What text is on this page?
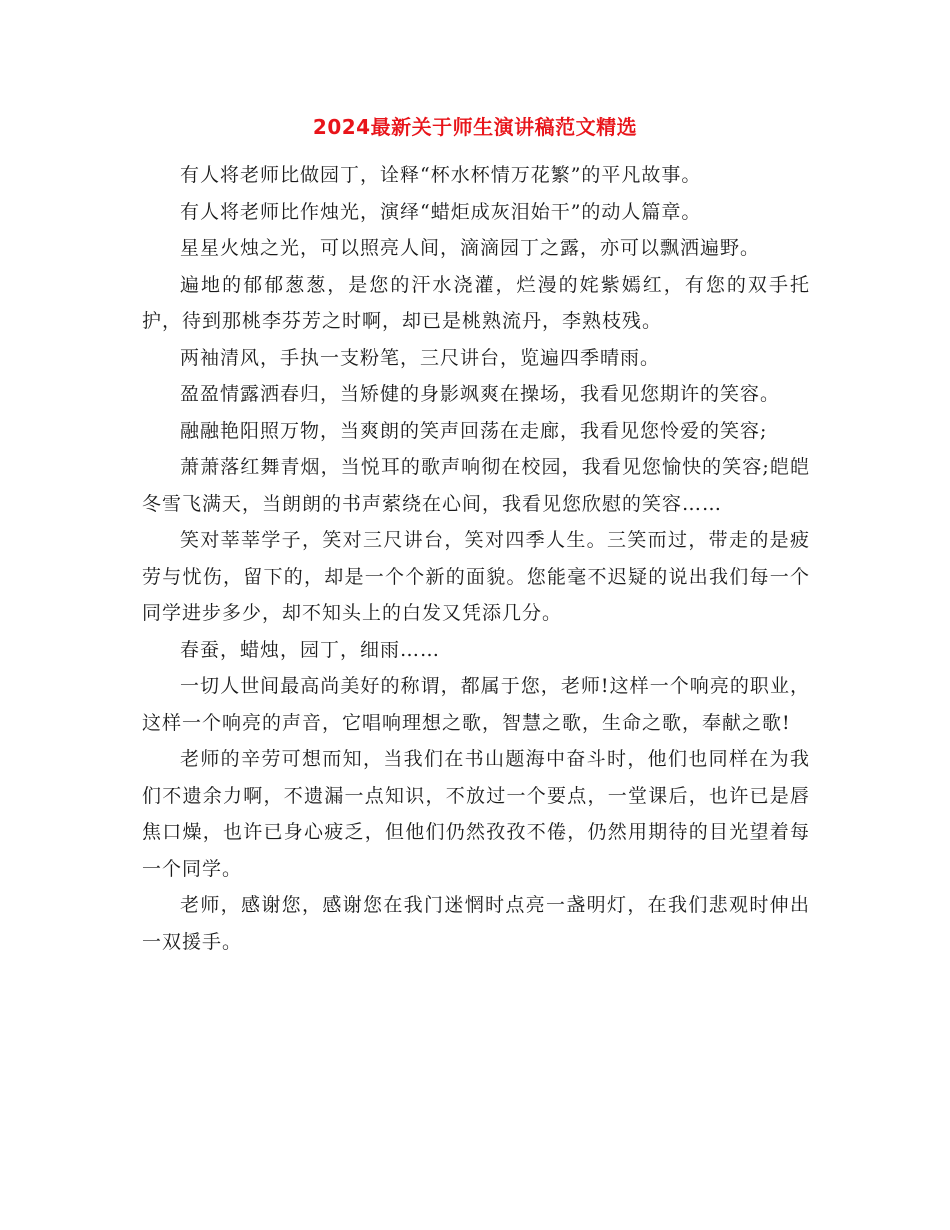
2024最新关于师生演讲稿范文精选

有人将老师比做园丁，诠释“杯水杯情万花繁”的平凡故事。

有人将老师比作烛光，演绎“蜡炬成灰泪始干”的动人篇章。

星星火烛之光，可以照亮人间，滴滴园丁之露，亦可以飘洒遍野。

遍地的郁郁葱葱，是您的汗水浇灌，烂漫的姹紫嫣红，有您的双手托护，待到那桃李芬芳之时啊，却已是桃熟流丹，李熟枝残。

两袖清风，手执一支粉笔，三尺讲台，览遍四季晴雨。

盈盈情露洒春归，当矫健的身影飒爽在操场，我看见您期许的笑容。

融融艳阳照万物，当爽朗的笑声回荡在走廊，我看见您怜爱的笑容;

萧萧落红舞青烟，当悦耳的歌声响彻在校园，我看见您愉快的笑容;皑皑冬雪飞满天，当朗朗的书声萦绕在心间，我看见您欣慰的笑容……

笑对莘莘学子，笑对三尺讲台，笑对四季人生。三笑而过，带走的是疲劳与忧伤，留下的，却是一个个新的面貌。您能毫不迟疑的说出我们每一个同学进步多少，却不知头上的白发又凭添几分。

春蚕，蜡烛，园丁，细雨……

一切人世间最高尚美好的称谓，都属于您，老师!这样一个响亮的职业，这样一个响亮的声音，它唱响理想之歌，智慧之歌，生命之歌，奉献之歌!

老师的辛劳可想而知，当我们在书山题海中奋斗时，他们也同样在为我们不遗余力啊，不遗漏一点知识，不放过一个要点，一堂课后，也许已是唇焦口燥，也许已身心疲乏，但他们仍然孜孜不倦，仍然用期待的目光望着每一个同学。

老师，感谢您，感谢您在我门迷惘时点亮一盏明灯，在我们悲观时伸出一双援手。
